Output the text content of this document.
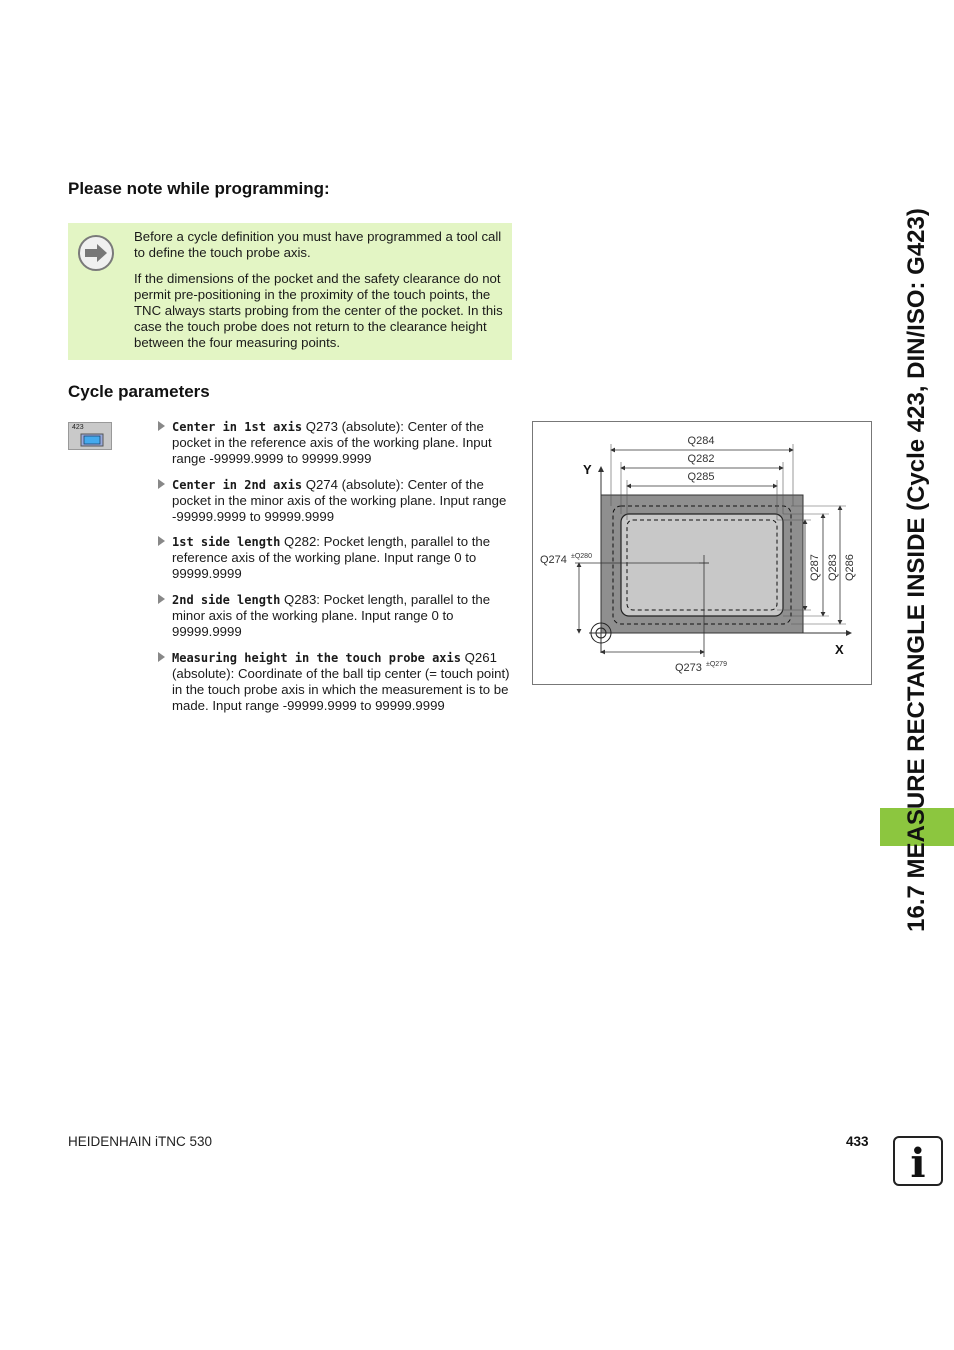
Please note while programming:

Before a cycle definition you must have programmed a tool call to define the touch probe axis.

If the dimensions of the pocket and the safety clearance do not permit pre-positioning in the proximity of the touch points, the TNC always starts probing from the center of the pocket. In this case the touch probe does not return to the clearance height between the four measuring points.

Cycle parameters
423	Center in 1st axis Q273 (absolute): Center of the pocket in the reference axis of the working plane. Input range -99999.9999 to 99999.9999
Center in 2nd axis Q274 (absolute): Center of the pocket in the minor axis of the working plane. Input range -99999.9999 to 99999.9999
1st side length Q282: Pocket length, parallel to the reference axis of the working plane. Input range 0 to 99999.9999
2nd side length Q283: Pocket length, parallel to the minor axis of the working plane. Input range 0 to 99999.9999
Measuring height in the touch probe axis Q261 (absolute): Coordinate of the ball tip center (= touch point) in the touch probe axis in which the measurement is to be made. Input range -99999.9999 to 99999.9999
Q284
Q282
Q285
Y
X
Q274 ±Q280
Q273 ±Q279
Q287 Q283 Q286 16.7 MEASURE RECTANGLE INSIDE (Cycle 423, DIN/ISO: G423)
HEIDENHAIN iTNC 530	433	i
